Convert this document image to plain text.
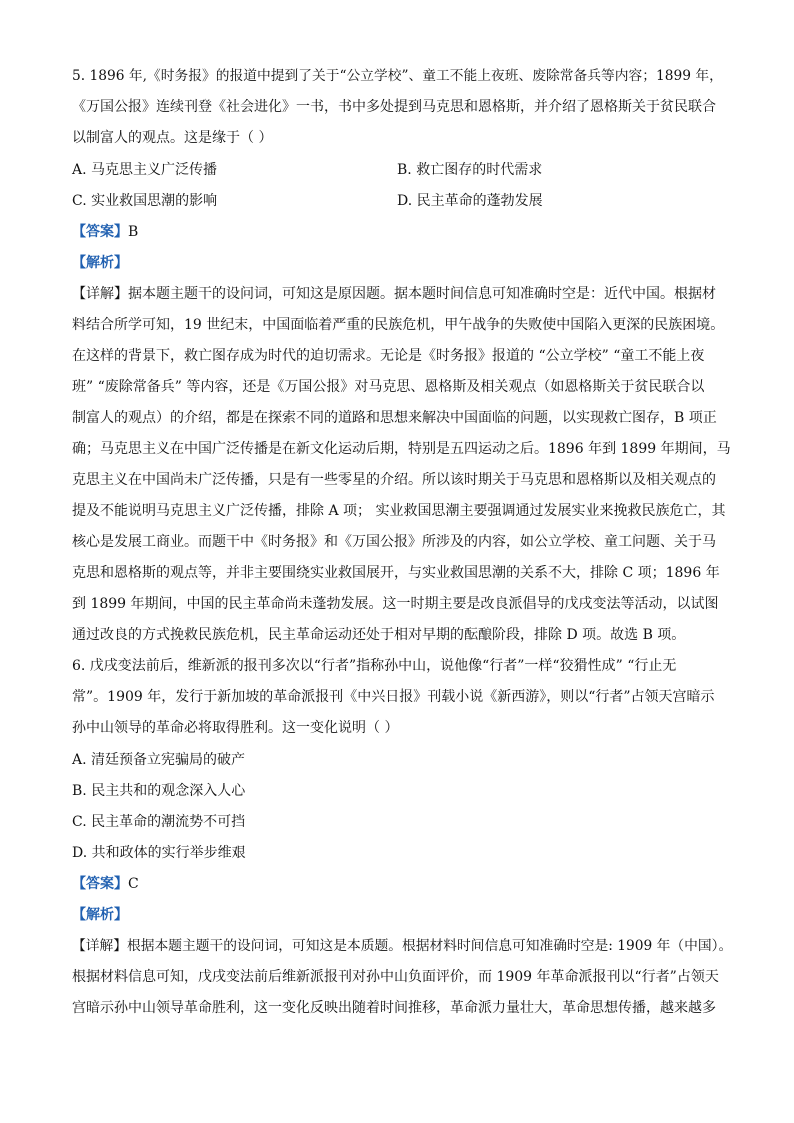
5. 1896 年,《时务报》的报道中提到了关于“公立学校”、童工不能上夜班、废除常备兵等内容；1899 年，
《万国公报》连续刊登《社会进化》一书，书中多处提到马克思和恩格斯，并介绍了恩格斯关于贫民联合
以制富人的观点。这是缘于（ ）
A. 马克思主义广泛传播	B. 救亡图存的时代需求
C. 实业救国思潮的影响	D. 民主革命的蓬勃发展
【答案】B
【解析】
【详解】据本题主题干的设问词，可知这是原因题。据本题时间信息可知准确时空是：近代中国。根据材
料结合所学可知，19 世纪末，中国面临着严重的民族危机，甲午战争的失败使中国陷入更深的民族困境。
在这样的背景下，救亡图存成为时代的迫切需求。无论是《时务报》报道的 “公立学校” “童工不能上夜
班” “废除常备兵” 等内容，还是《万国公报》对马克思、恩格斯及相关观点（如恩格斯关于贫民联合以
制富人的观点）的介绍，都是在探索不同的道路和思想来解决中国面临的问题，以实现救亡图存，B 项正
确；马克思主义在中国广泛传播是在新文化运动后期，特别是五四运动之后。1896 年到 1899 年期间，马
克思主义在中国尚未广泛传播，只是有一些零星的介绍。所以该时期关于马克思和恩格斯以及相关观点的
提及不能说明马克思主义广泛传播，排除 A 项； 实业救国思潮主要强调通过发展实业来挽救民族危亡，其
核心是发展工商业。而题干中《时务报》和《万国公报》所涉及的内容，如公立学校、童工问题、关于马
克思和恩格斯的观点等，并非主要围绕实业救国展开，与实业救国思潮的关系不大，排除 C 项；1896 年
到 1899 年期间，中国的民主革命尚未蓬勃发展。这一时期主要是改良派倡导的戊戌变法等活动，以试图
通过改良的方式挽救民族危机，民主革命运动还处于相对早期的酝酿阶段，排除 D 项。故选 B 项。
6. 戊戌变法前后，维新派的报刊多次以“行者”指称孙中山，说他像“行者”一样“狡猾性成” “行止无
常”。1909 年，发行于新加坡的革命派报刊《中兴日报》刊载小说《新西游》，则以“行者”占领天宫暗示
孙中山领导的革命必将取得胜利。这一变化说明（ ）
A. 清廷预备立宪骗局的破产
B. 民主共和的观念深入人心
C. 民主革命的潮流势不可挡
D. 共和政体的实行举步维艰
【答案】C
【解析】
【详解】根据本题主题干的设问词，可知这是本质题。根据材料时间信息可知准确时空是: 1909 年（中国）。
根据材料信息可知，戊戌变法前后维新派报刊对孙中山负面评价，而 1909 年革命派报刊以“行者”占领天
宫暗示孙中山领导革命胜利，这一变化反映出随着时间推移，革命派力量壮大，革命思想传播，越来越多
